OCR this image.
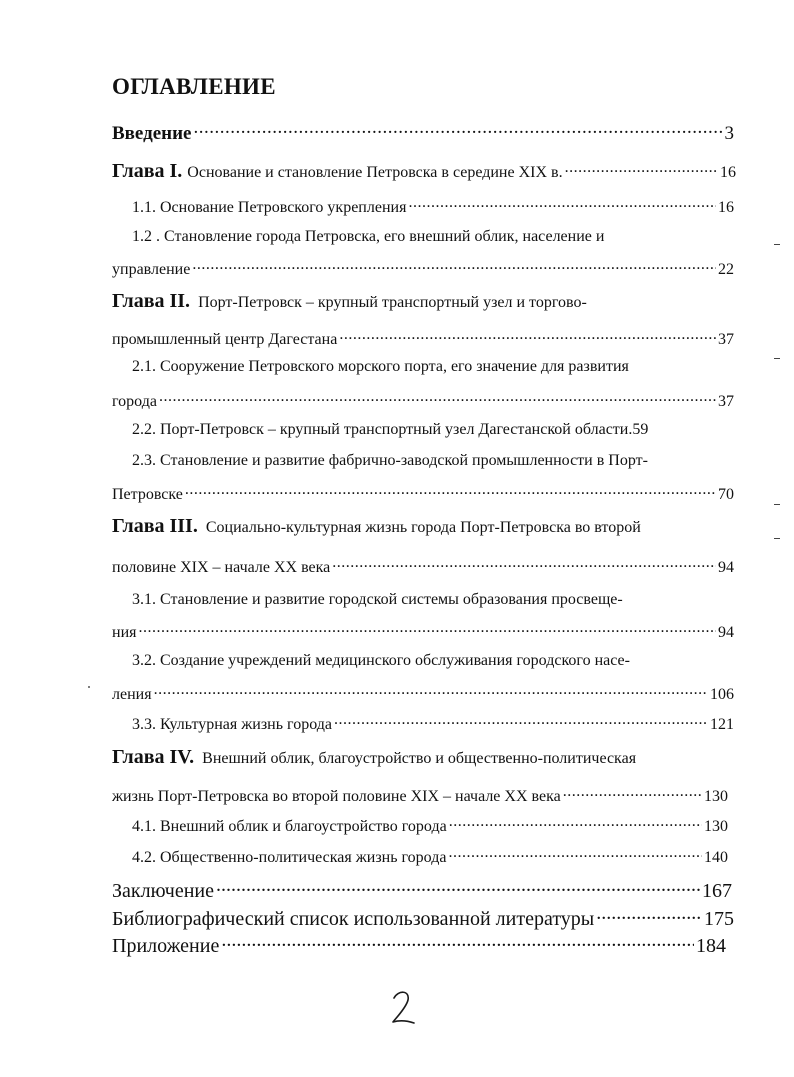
ОГЛАВЛЕНИЕ
Введение .....	3
Глава I. Основание и становление Петровска в середине XIX в. .....	16
1.1. Основание Петровского укрепления .....	16
1.2 . Становление города Петровска, его внешний облик, население и
управление .....	22
Глава II. Порт-Петровск – крупный транспортный узел и торгово-
промышленный центр Дагестана .....	37
2.1. Сооружение Петровского морского порта, его значение для развития
города .....	37
2.2. Порт-Петровск – крупный транспортный узел Дагестанской области.59
2.3. Становление и развитие фабрично-заводской промышленности в Порт-
Петровске .....	70
Глава III. Социально-культурная жизнь города Порт-Петровска во второй
половине XIX – начале XX века .....	94
3.1. Становление и развитие городской системы образования просвеще-
ния .....	94
3.2. Создание учреждений медицинского обслуживания городского насе-
ления .....	106
3.3. Культурная жизнь города .....	121
Глава IV. Внешний облик, благоустройство и общественно-политическая
жизнь Порт-Петровска во второй половине XIX – начале XX века .....	130
4.1. Внешний облик и благоустройство города .....	130
4.2. Общественно-политическая жизнь города .....	140
Заключение .....	167
Библиографический список использованной литературы .....	175
Приложение .....	184
